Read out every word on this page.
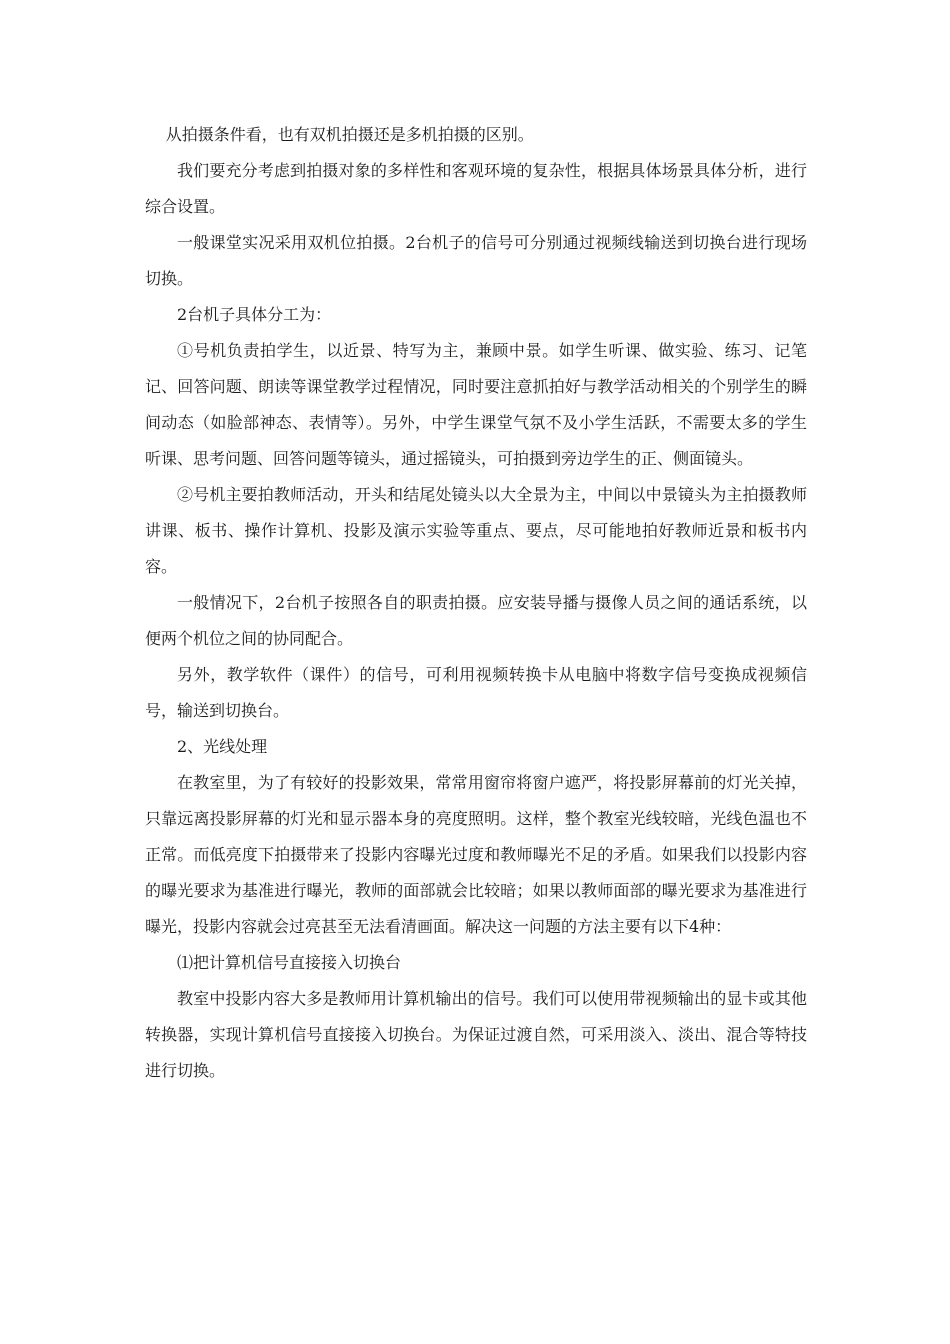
从拍摄条件看，也有双机拍摄还是多机拍摄的区别。

我们要充分考虑到拍摄对象的多样性和客观环境的复杂性，根据具体场景具体分析，进行综合设置。

一般课堂实况采用双机位拍摄。2台机子的信号可分别通过视频线输送到切换台进行现场切换。

2台机子具体分工为：

①号机负责拍学生，以近景、特写为主，兼顾中景。如学生听课、做实验、练习、记笔记、回答问题、朗读等课堂教学过程情况，同时要注意抓拍好与教学活动相关的个别学生的瞬间动态（如脸部神态、表情等）。另外，中学生课堂气氛不及小学生活跃，不需要太多的学生听课、思考问题、回答问题等镜头，通过摇镜头，可拍摄到旁边学生的正、侧面镜头。

②号机主要拍教师活动，开头和结尾处镜头以大全景为主，中间以中景镜头为主拍摄教师讲课、板书、操作计算机、投影及演示实验等重点、要点，尽可能地拍好教师近景和板书内容。

一般情况下，2台机子按照各自的职责拍摄。应安装导播与摄像人员之间的通话系统，以便两个机位之间的协同配合。

另外，教学软件（课件）的信号，可利用视频转换卡从电脑中将数字信号变换成视频信号，输送到切换台。

2、光线处理

在教室里，为了有较好的投影效果，常常用窗帘将窗户遮严，将投影屏幕前的灯光关掉，只靠远离投影屏幕的灯光和显示器本身的亮度照明。这样，整个教室光线较暗，光线色温也不正常。而低亮度下拍摄带来了投影内容曝光过度和教师曝光不足的矛盾。如果我们以投影内容的曝光要求为基准进行曝光，教师的面部就会比较暗；如果以教师面部的曝光要求为基准进行曝光，投影内容就会过亮甚至无法看清画面。解决这一问题的方法主要有以下4种：

⑴把计算机信号直接接入切换台

教室中投影内容大多是教师用计算机输出的信号。我们可以使用带视频输出的显卡或其他转换器，实现计算机信号直接接入切换台。为保证过渡自然，可采用淡入、淡出、混合等特技进行切换。
